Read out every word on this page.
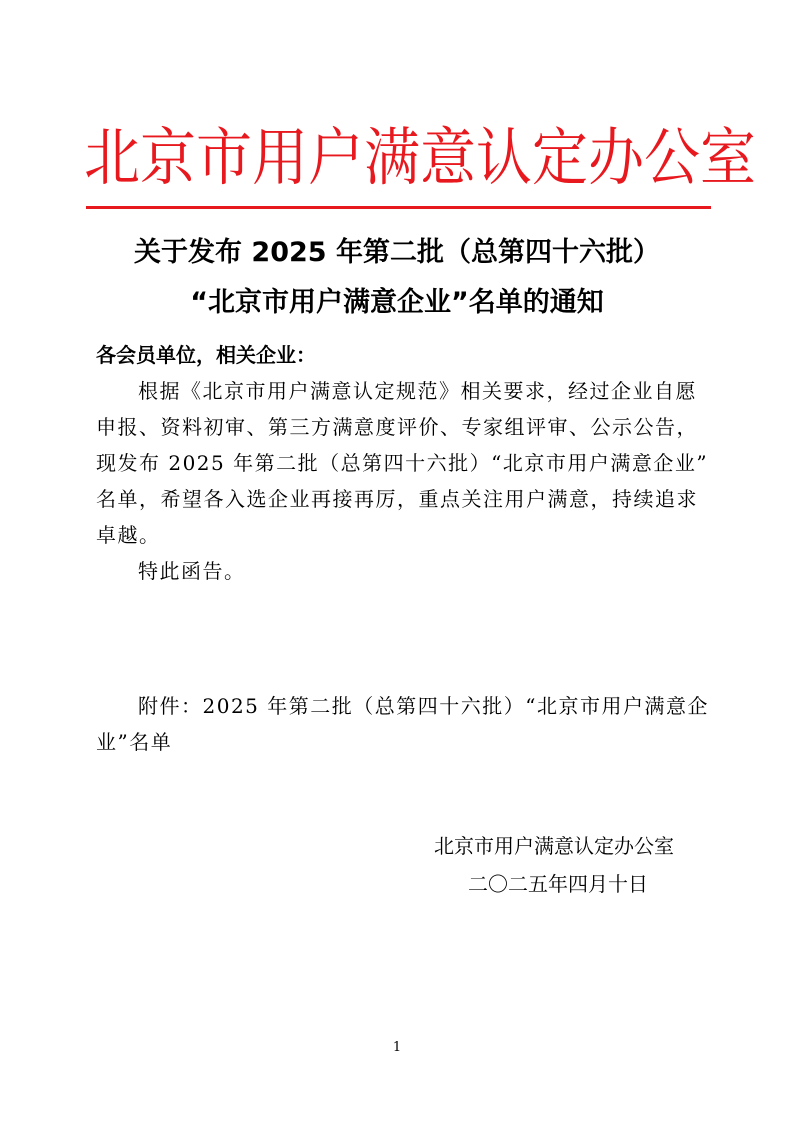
北京市用户满意认定办公室
关于发布 2025 年第二批（总第四十六批）
“北京市用户满意企业”名单的通知
各会员单位，相关企业：
根据《北京市用户满意认定规范》相关要求，经过企业自愿
申报、资料初审、第三方满意度评价、专家组评审、公示公告，
现发布 2025 年第二批（总第四十六批）“北京市用户满意企业”
名单，希望各入选企业再接再厉，重点关注用户满意，持续追求
卓越。
特此函告。
附件：2025 年第二批（总第四十六批）“北京市用户满意企
业”名单
北京市用户满意认定办公室
二〇二五年四月十日
1
